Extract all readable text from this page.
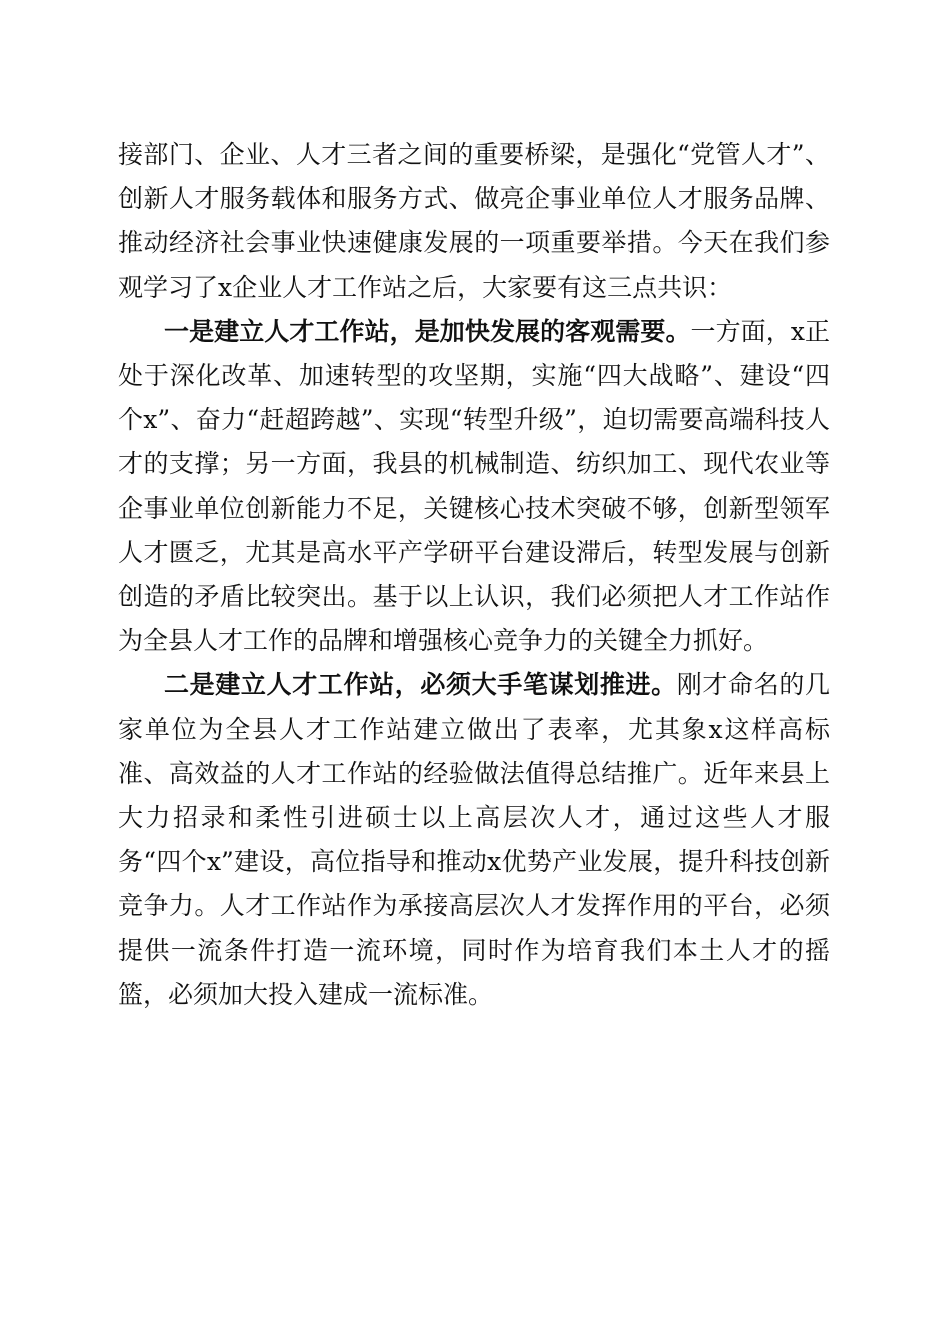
接部门、企业、人才三者之间的重要桥梁，是强化“党管人才”、创新人才服务载体和服务方式、做亮企事业单位人才服务品牌、推动经济社会事业快速健康发展的一项重要举措。今天在我们参观学习了x企业人才工作站之后，大家要有这三点共识：

一是建立人才工作站，是加快发展的客观需要。一方面，x正处于深化改革、加速转型的攻坚期，实施“四大战略”、建设“四个x”、奋力“赶超跨越”、实现“转型升级”，迫切需要高端科技人才的支撑；另一方面，我县的机械制造、纺织加工、现代农业等企事业单位创新能力不足，关键核心技术突破不够，创新型领军人才匮乏，尤其是高水平产学研平台建设滞后，转型发展与创新创造的矛盾比较突出。基于以上认识，我们必须把人才工作站作为全县人才工作的品牌和增强核心竞争力的关键全力抓好。

二是建立人才工作站，必须大手笔谋划推进。刚才命名的几家单位为全县人才工作站建立做出了表率，尤其象x这样高标准、高效益的人才工作站的经验做法值得总结推广。近年来县上大力招录和柔性引进硕士以上高层次人才，通过这些人才服务“四个x”建设，高位指导和推动x优势产业发展，提升科技创新竞争力。人才工作站作为承接高层次人才发挥作用的平台，必须提供一流条件打造一流环境，同时作为培育我们本土人才的摇篮，必须加大投入建成一流标准。
